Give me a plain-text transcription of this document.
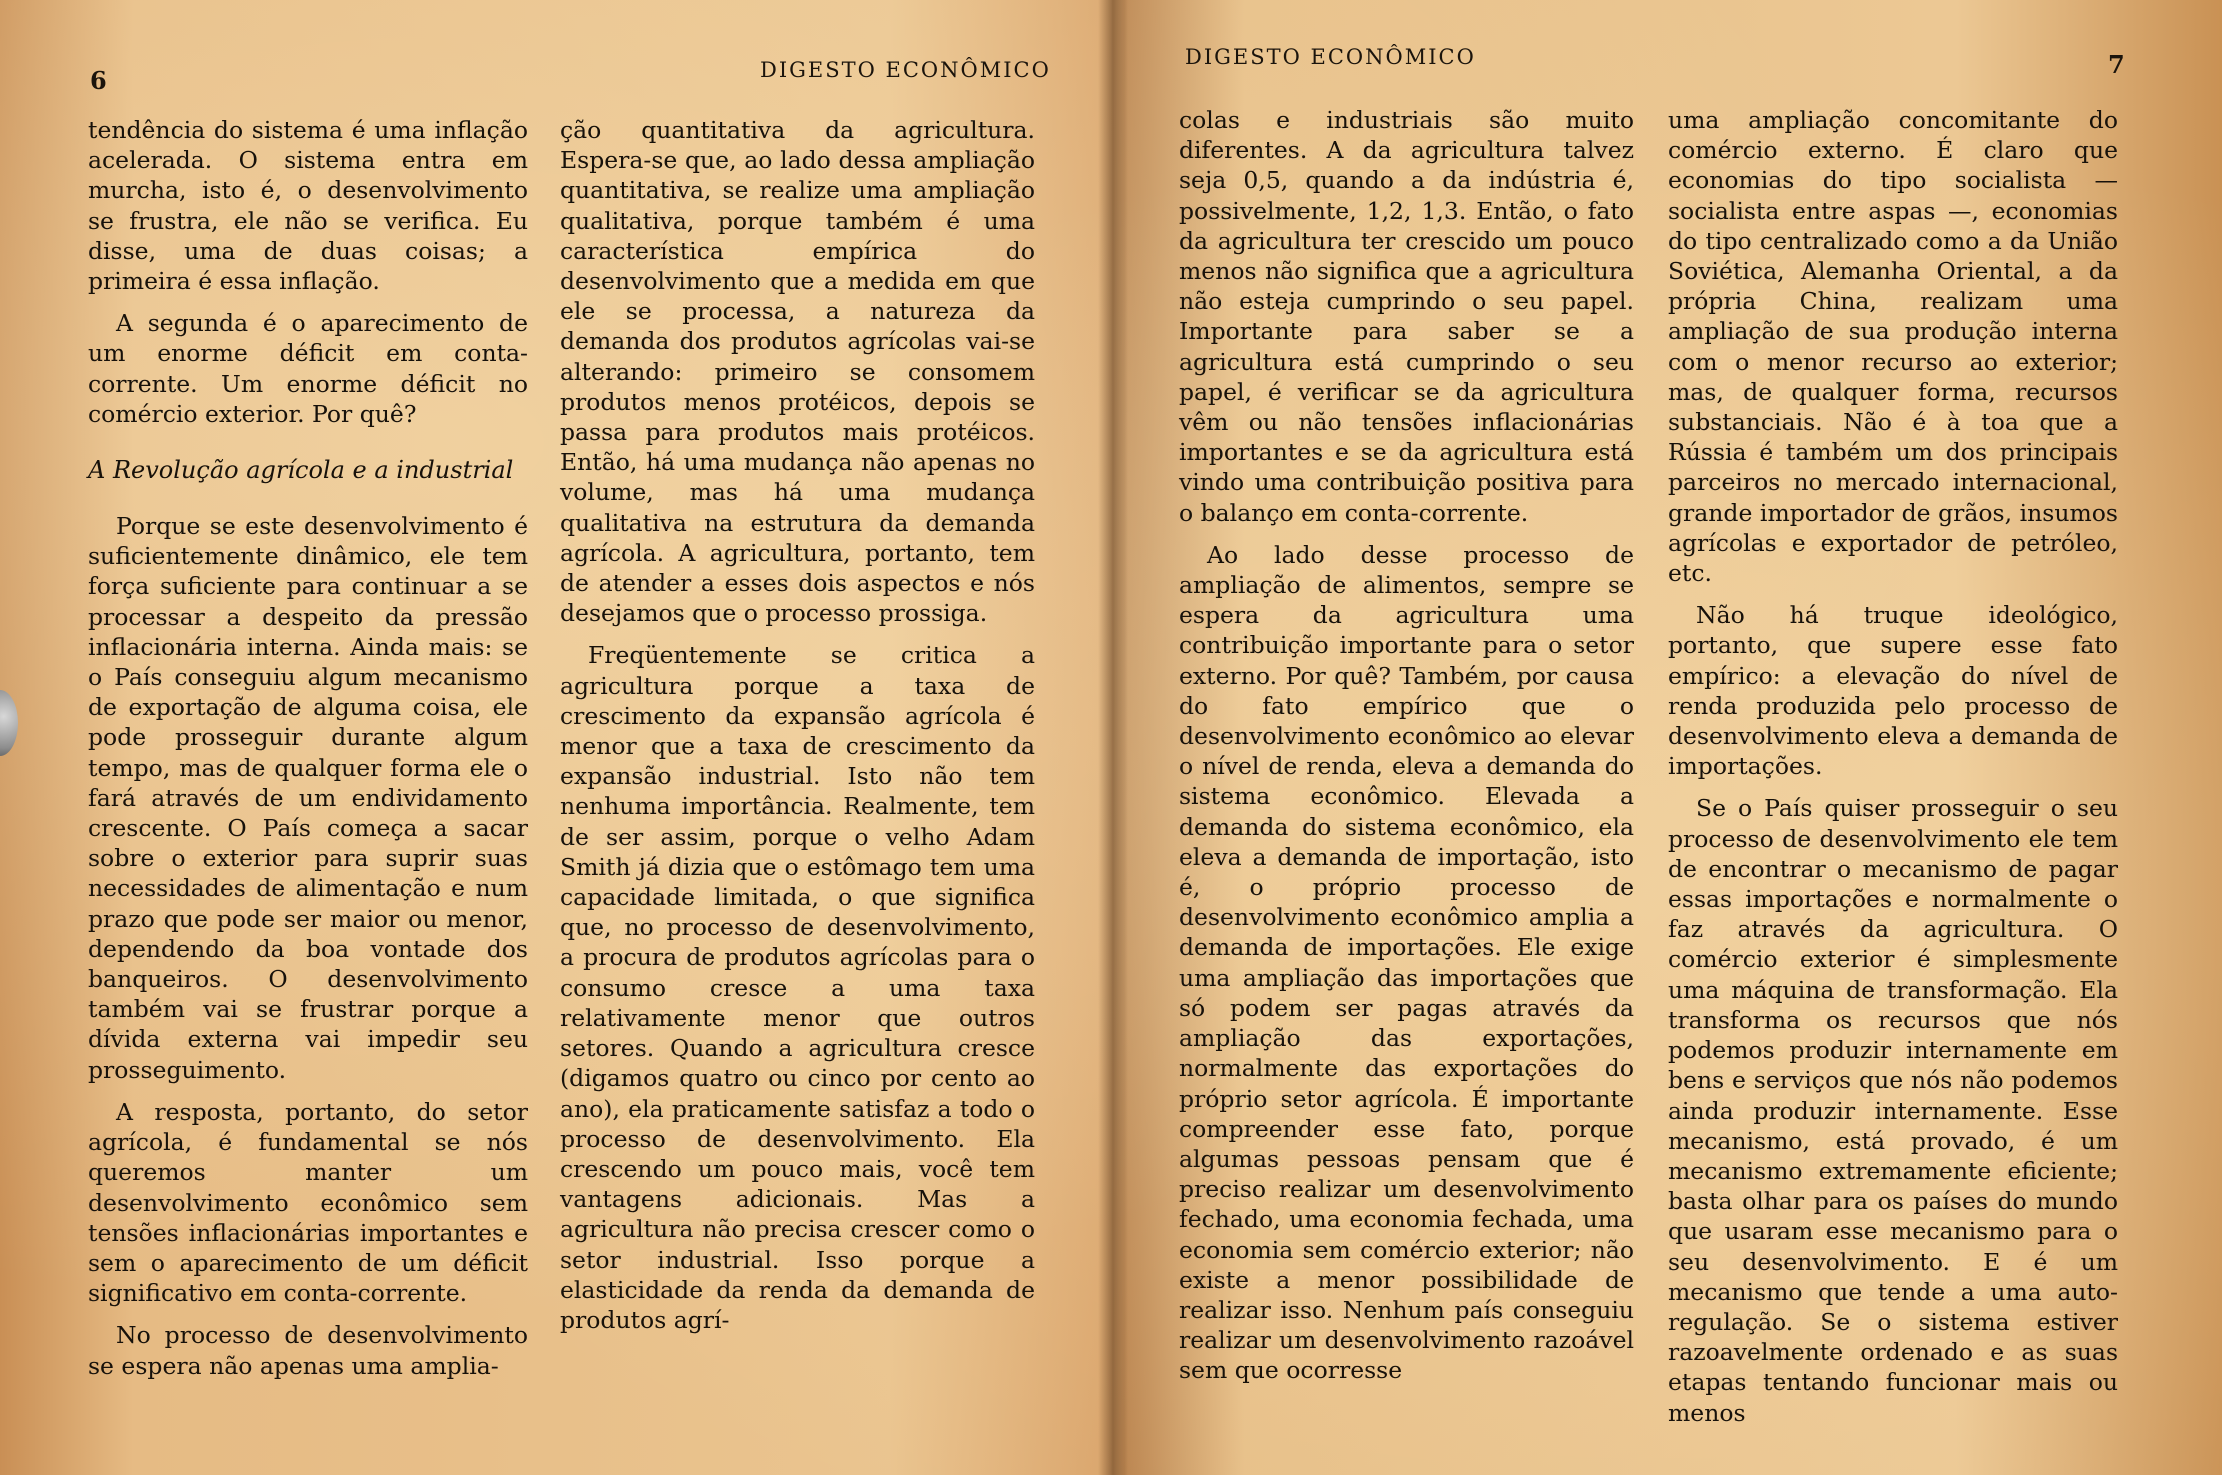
6	DIGESTO ECONÔMICO

tendência do sistema é uma inflação acelerada. O sistema entra em murcha, isto é, o desenvolvimento se frustra, ele não se verifica. Eu disse, uma de duas coisas; a primeira é essa inflação.

A segunda é o aparecimento de um enorme déficit em conta-corrente. Um enorme déficit no comércio exterior. Por quê?

A Revolução agrícola e a industrial

Porque se este desenvolvimento é suficientemente dinâmico, ele tem força suficiente para continuar a se processar a despeito da pressão inflacionária interna. Ainda mais: se o País conseguiu algum mecanismo de exportação de alguma coisa, ele pode prosseguir durante algum tempo, mas de qualquer forma ele o fará através de um endividamento crescente. O País começa a sacar sobre o exterior para suprir suas necessidades de alimentação e num prazo que pode ser maior ou menor, dependendo da boa vontade dos banqueiros. O desenvolvimento também vai se frustrar porque a dívida externa vai impedir seu prosseguimento.

A resposta, portanto, do setor agrícola, é fundamental se nós queremos manter um desenvolvimento econômico sem tensões inflacionárias importantes e sem o aparecimento de um déficit significativo em conta-corrente.

No processo de desenvolvimento se espera não apenas uma amplia-

ção quantitativa da agricultura. Espera-se que, ao lado dessa ampliação quantitativa, se realize uma ampliação qualitativa, porque também é uma característica empírica do desenvolvimento que a medida em que ele se processa, a natureza da demanda dos produtos agrícolas vai-se alterando: primeiro se consomem produtos menos protéicos, depois se passa para produtos mais protéicos. Então, há uma mudança não apenas no volume, mas há uma mudança qualitativa na estrutura da demanda agrícola. A agricultura, portanto, tem de atender a esses dois aspectos e nós desejamos que o processo prossiga.

Freqüentemente se critica a agricultura porque a taxa de crescimento da expansão agrícola é menor que a taxa de crescimento da expansão industrial. Isto não tem nenhuma importância. Realmente, tem de ser assim, porque o velho Adam Smith já dizia que o estômago tem uma capacidade limitada, o que significa que, no processo de desenvolvimento, a procura de produtos agrícolas para o consumo cresce a uma taxa relativamente menor que outros setores. Quando a agricultura cresce (digamos quatro ou cinco por cento ao ano), ela praticamente satisfaz a todo o processo de desenvolvimento. Ela crescendo um pouco mais, você tem vantagens adicionais. Mas a agricultura não precisa crescer como o setor industrial. Isso porque a elasticidade da renda da demanda de produtos agrí-

DIGESTO ECONÔMICO	7

colas e industriais são muito diferentes. A da agricultura talvez seja 0,5, quando a da indústria é, possivelmente, 1,2, 1,3. Então, o fato da agricultura ter crescido um pouco menos não significa que a agricultura não esteja cumprindo o seu papel. Importante para saber se a agricultura está cumprindo o seu papel, é verificar se da agricultura vêm ou não tensões inflacionárias importantes e se da agricultura está vindo uma contribuição positiva para o balanço em conta-corrente.

Ao lado desse processo de ampliação de alimentos, sempre se espera da agricultura uma contribuição importante para o setor externo. Por quê? Também, por causa do fato empírico que o desenvolvimento econômico ao elevar o nível de renda, eleva a demanda do sistema econômico. Elevada a demanda do sistema econômico, ela eleva a demanda de importação, isto é, o próprio processo de desenvolvimento econômico amplia a demanda de importações. Ele exige uma ampliação das importações que só podem ser pagas através da ampliação das exportações, normalmente das exportações do próprio setor agrícola. É importante compreender esse fato, porque algumas pessoas pensam que é preciso realizar um desenvolvimento fechado, uma economia fechada, uma economia sem comércio exterior; não existe a menor possibilidade de realizar isso. Nenhum país conseguiu realizar um desenvolvimento razoável sem que ocorresse

uma ampliação concomitante do comércio externo. É claro que economias do tipo socialista — socialista entre aspas —, economias do tipo centralizado como a da União Soviética, Alemanha Oriental, a da própria China, realizam uma ampliação de sua produção interna com o menor recurso ao exterior; mas, de qualquer forma, recursos substanciais. Não é à toa que a Rússia é também um dos principais parceiros no mercado internacional, grande importador de grãos, insumos agrícolas e exportador de petróleo, etc.

Não há truque ideológico, portanto, que supere esse fato empírico: a elevação do nível de renda produzida pelo processo de desenvolvimento eleva a demanda de importações.

Se o País quiser prosseguir o seu processo de desenvolvimento ele tem de encontrar o mecanismo de pagar essas importações e normalmente o faz através da agricultura. O comércio exterior é simplesmente uma máquina de transformação. Ela transforma os recursos que nós podemos produzir internamente em bens e serviços que nós não podemos ainda produzir internamente. Esse mecanismo, está provado, é um mecanismo extremamente eficiente; basta olhar para os países do mundo que usaram esse mecanismo para o seu desenvolvimento. E é um mecanismo que tende a uma auto-regulação. Se o sistema estiver razoavelmente ordenado e as suas etapas tentando funcionar mais ou menos
